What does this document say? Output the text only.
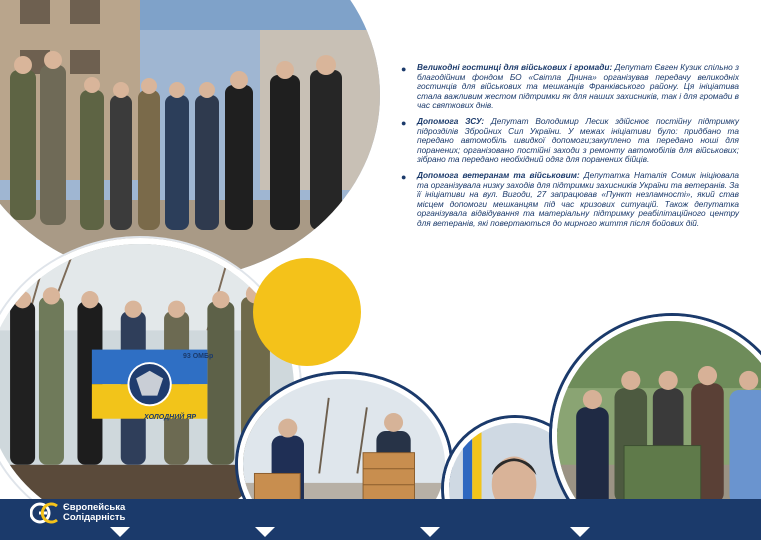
93 ОМБр
ХОЛОДНИЙ ЯР
● Великодні гостинці для військових і громади: Депутат Євген Кузик спільно з благодійним фондом БО «Світла Днина» організував передачу великодніх гостинців для військових та мешканців Франківського району. Ця ініціатива стала важливим жестом підтримки як для наших захисників, так і для громади в час святкових днів.

● Допомога ЗСУ: Депутат Володимир Лесик здійснює постійну підтримку підрозділів Збройних Сил України. У межах ініціативи було: придбано та передано автомобіль швидкої допомоги;закуплено та передано ноші для поранених; організовано постійні заходи з ремонту автомобілів для військових; зібрано та передано необхідний одяг для поранених бійців.

● Допомога ветеранам та військовим: Депутатка Наталія Сомик ініціювала та організувала низку заходів для підтримки захисників України та ветеранів. За її ініціативи на вул. Вигоди, 27 запрацювaв «Пункт незламності», який став місцем допомоги мешканцям під час кризових ситуацій. Також депутатка організувала відвідування та матеріальну підтримку реабілітаційного центру для ветеранів, які повертаються до мирного життя після бойових дій.

Європейська
Солідарність
